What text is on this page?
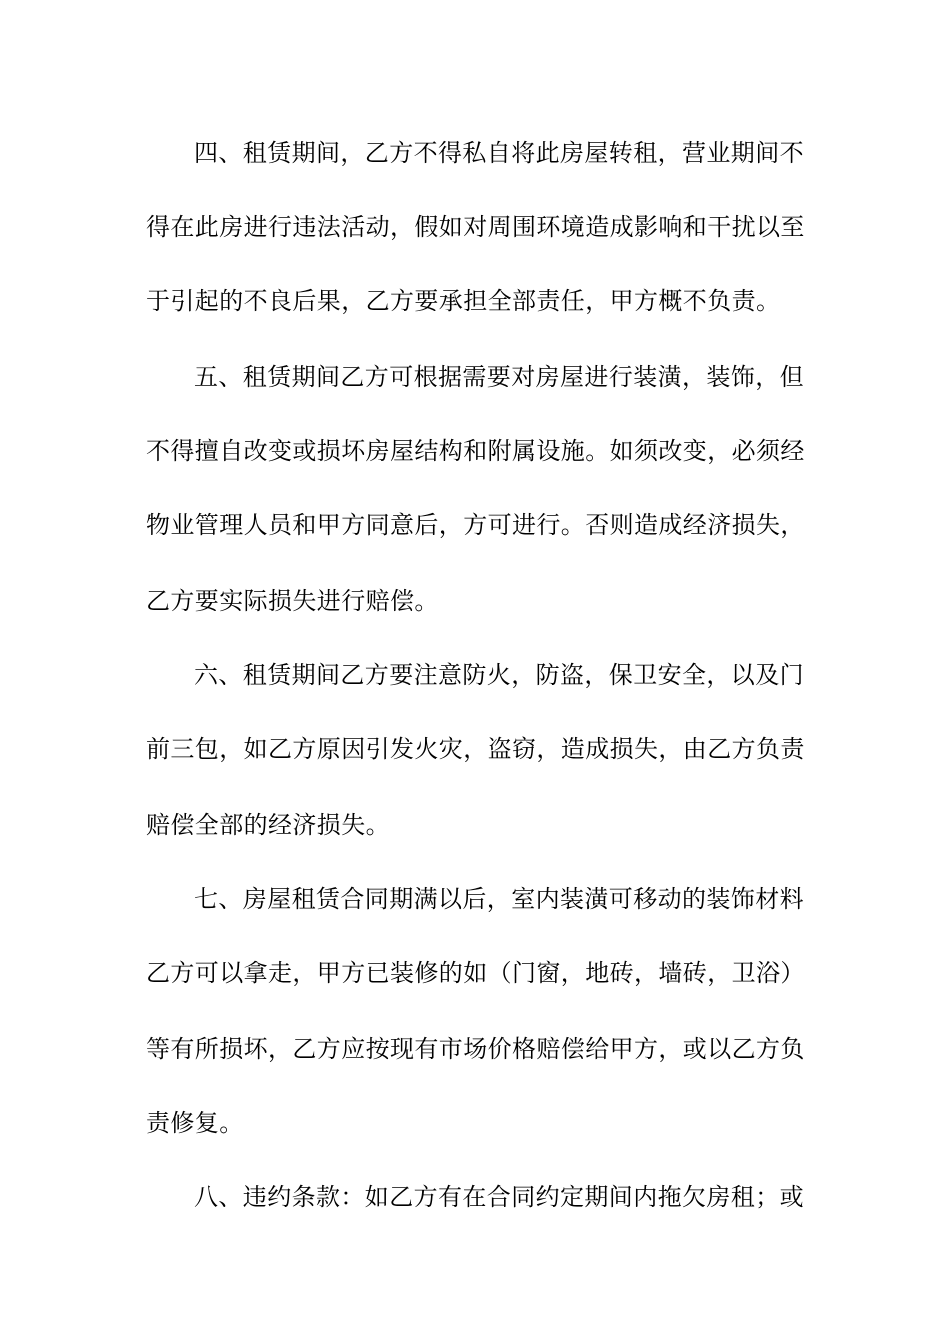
四、租赁期间，乙方不得私自将此房屋转租，营业期间不
得在此房进行违法活动，假如对周围环境造成影响和干扰以至
于引起的不良后果，乙方要承担全部责任，甲方概不负责。
五、租赁期间乙方可根据需要对房屋进行装潢，装饰，但
不得擅自改变或损坏房屋结构和附属设施。如须改变，必须经
物业管理人员和甲方同意后，方可进行。否则造成经济损失，
乙方要实际损失进行赔偿。
六、租赁期间乙方要注意防火，防盗，保卫安全，以及门
前三包，如乙方原因引发火灾，盗窃，造成损失，由乙方负责
赔偿全部的经济损失。
七、房屋租赁合同期满以后，室内装潢可移动的装饰材料
乙方可以拿走，甲方已装修的如（门窗，地砖，墙砖，卫浴）
等有所损坏，乙方应按现有市场价格赔偿给甲方，或以乙方负
责修复。
八、违约条款：如乙方有在合同约定期间内拖欠房租；或
